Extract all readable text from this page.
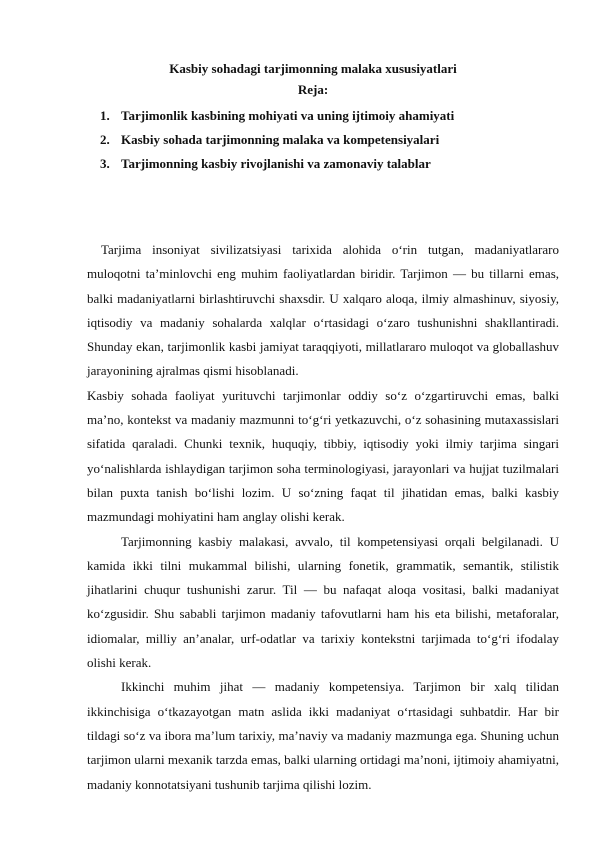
Kasbiy sohadagi tarjimonning malaka xususiyatlari
Reja:
1. Tarjimonlik kasbining mohiyati va uning ijtimoiy ahamiyati
2. Kasbiy sohada tarjimonning malaka va kompetensiyalari
3. Tarjimonning kasbiy rivojlanishi va zamonaviy talablar

Tarjima insoniyat sivilizatsiyasi tarixida alohida o‘rin tutgan, madaniyatlararo muloqotni ta’minlovchi eng muhim faoliyatlardan biridir. Tarjimon — bu tillarni emas, balki madaniyatlarni birlashtiruvchi shaxsdir. U xalqaro aloqa, ilmiy almashinuv, siyosiy, iqtisodiy va madaniy sohalarda xalqlar o‘rtasidagi o‘zaro tushunishni shakllantiradi. Shunday ekan, tarjimonlik kasbi jamiyat taraqqiyoti, millatlararo muloqot va globallashuv jarayonining ajralmas qismi hisoblanadi.

Kasbiy sohada faoliyat yurituvchi tarjimonlar oddiy so‘z o‘zgartiruvchi emas, balki ma’no, kontekst va madaniy mazmunni to‘g‘ri yetkazuvchi, o‘z sohasining mutaxassislari sifatida qaraladi. Chunki texnik, huquqiy, tibbiy, iqtisodiy yoki ilmiy tarjima singari yo‘nalishlarda ishlaydigan tarjimon soha terminologiyasi, jarayonlari va hujjat tuzilmalari bilan puxta tanish bo‘lishi lozim. U so‘zning faqat til jihatidan emas, balki kasbiy mazmundagi mohiyatini ham anglay olishi kerak.

Tarjimonning kasbiy malakasi, avvalo, til kompetensiyasi orqali belgilanadi. U kamida ikki tilni mukammal bilishi, ularning fonetik, grammatik, semantik, stilistik jihatlarini chuqur tushunishi zarur. Til — bu nafaqat aloqa vositasi, balki madaniyat ko‘zgusidir. Shu sababli tarjimon madaniy tafovutlarni ham his eta bilishi, metaforalar, idiomalar, milliy an’analar, urf-odatlar va tarixiy kontekstni tarjimada to‘g‘ri ifodalay olishi kerak.

Ikkinchi muhim jihat — madaniy kompetensiya. Tarjimon bir xalq tilidan ikkinchisiga o‘tkazayotgan matn aslida ikki madaniyat o‘rtasidagi suhbatdir. Har bir tildagi so‘z va ibora ma’lum tarixiy, ma’naviy va madaniy mazmunga ega. Shuning uchun tarjimon ularni mexanik tarzda emas, balki ularning ortidagi ma’noni, ijtimoiy ahamiyatni, madaniy konnotatsiyani tushunib tarjima qilishi lozim.
